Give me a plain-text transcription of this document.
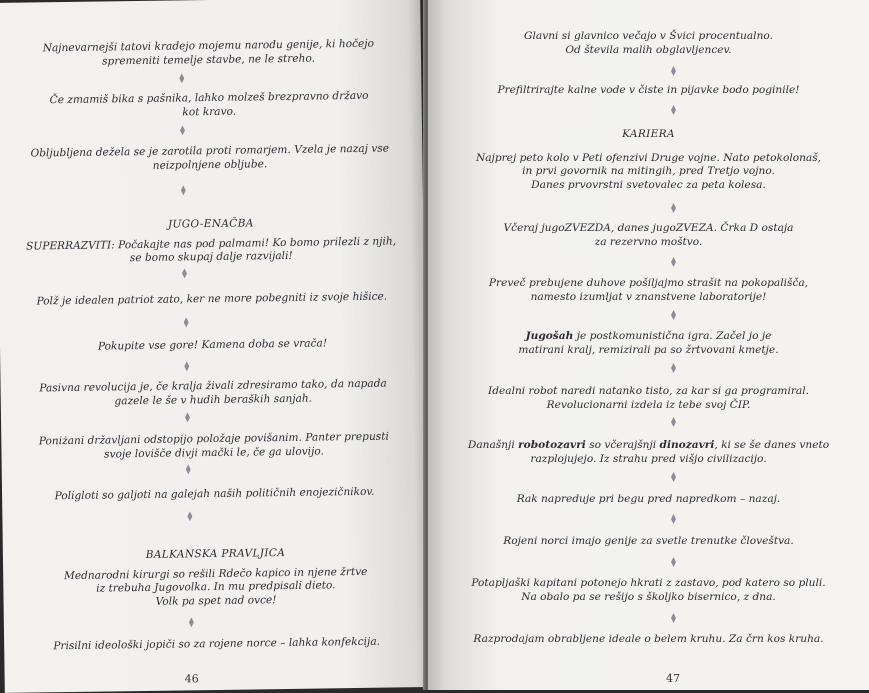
Najnevarnejši tatovi kradejo mojemu narodu genije, ki hočejo

spremeniti temelje stavbe, ne le streho.

Če zmamiš bika s pašnika, lahko molzeš brezpravno državo

kot kravo.

Obljubljena dežela se je zarotila proti romarjem. Vzela je nazaj vse

neizpolnjene obljube.

JUGO-ENAČBA

SUPERRAZVITI: Počakajte nas pod palmami! Ko bomo prilezli z njih,

se bomo skupaj dalje razvijali!

Polž je idealen patriot zato, ker ne more pobegniti iz svoje hišice.

Pokupite vse gore! Kamena doba se vrača!

Pasivna revolucija je, če kralja živali zdresiramo tako, da napada

gazele le še v hudih beraških sanjah.

Poniżani državljani odstopijo položaje povišanim. Panter prepusti

svoje lovišče divji mački le, če ga ulovijo.

Poligloti so galjoti na galejah naših političnih enojezičnikov.

BALKANSKA PRAVLJICA

Mednarodni kirurgi so rešili Rdečo kapico in njene žrtve

iz trebuha Jugovolka. In mu predpisali dieto.

Volk pa spet nad ovce!

Prisilni ideološki jopiči so za rojene norce – lahka konfekcija.

46

Glavni si glavnico večajo v Švici procentualno.

Od števila malih obglavljencev.

Prefiltrirajte kalne vode v čiste in pijavke bodo poginile!

KARIERA

Najprej peto kolo v Peti ofenzivi Druge vojne. Nato petokolonaš,

in prvi govornik na mitingih, pred Tretjo vojno.

Danes prvovrstni svetovalec za peta kolesa.

Včeraj jugoZVEZDA, danes jugoZVEZA. Črka D ostaja

za rezervno moštvo.

Preveč prebujene duhove pošiljajmo strašit na pokopališča,

namesto izumljat v znanstvene laboratorije!

Jugošah je postkomunistična igra. Začel jo je

matirani kralj, remizirali pa so žrtvovani kmetje.

Idealni robot naredi natanko tisto, za kar si ga programiral.

Revolucionarni izdela iz tebe svoj ČIP.

Današnji robotozavri so včerajšnji dinozavri, ki se še danes vneto

razplojujejo. Iz strahu pred višjo civilizacijo.

Rak napreduje pri begu pred napredkom – nazaj.

Rojeni norci imajo genije za svetle trenutke človeštva.

Potapljaški kapitani potonejo hkrati z zastavo, pod katero so pluli.

Na obalo pa se rešijo s školjko bisernico, z dna.

Razprodajam obrabljene ideale o belem kruhu. Za črn kos kruha.

47
